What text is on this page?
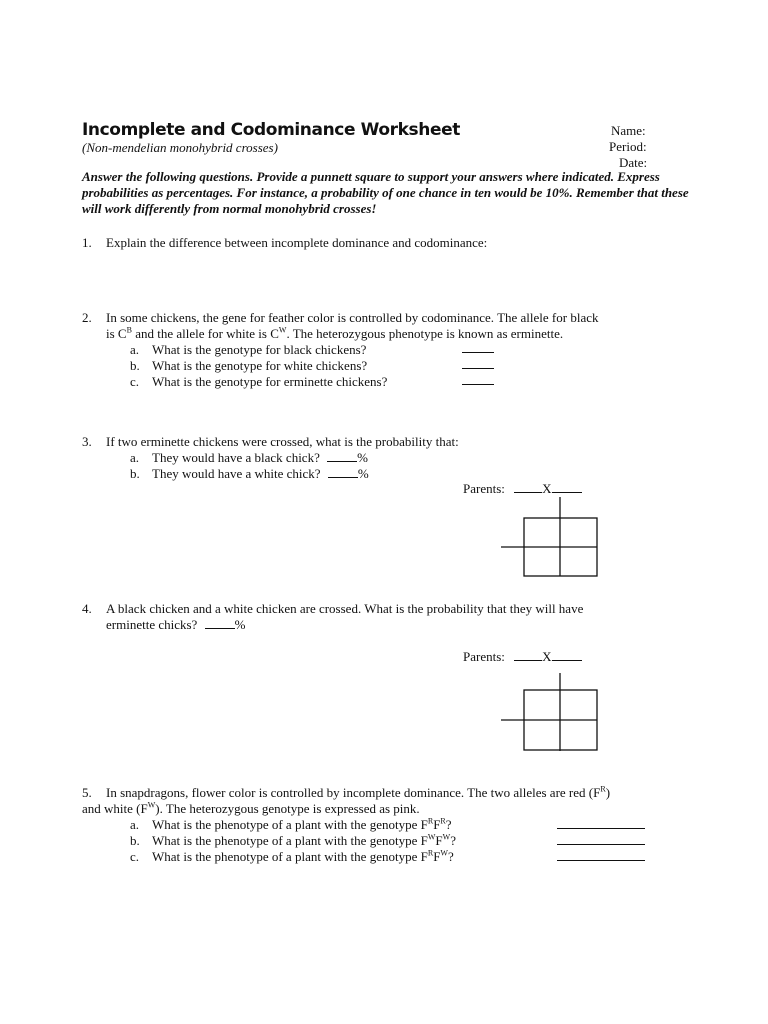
Incomplete and Codominance Worksheet
(Non-mendelian monohybrid crosses)
Name:
Period:
Date:
Answer the following questions. Provide a punnett square to support your answers where indicated. Express probabilities as percentages. For instance, a probability of one chance in ten would be 10%. Remember that these will work differently from normal monohybrid crosses!
1. Explain the difference between incomplete dominance and codominance:
2. In some chickens, the gene for feather color is controlled by codominance. The allele for black
is $C^B$ and the allele for white is $C^W$. The heterozygous phenotype is known as erminette.
a. What is the genotype for black chickens?
b. What is the genotype for white chickens?
c. What is the genotype for erminette chickens?
3. If two erminette chickens were crossed, what is the probability that:
a. They would have a black chick?	%
b. They would have a white chick?	%
Parents:	X
4. A black chicken and a white chicken are crossed. What is the probability that they will have
erminette chicks?	%
Parents:	X
5. In snapdragons, flower color is controlled by incomplete dominance. The two alleles are red $(F^R)$
and white $(F^W)$. The heterozygous genotype is expressed as pink.
a. What is the phenotype of a plant with the genotype $F^RF^R$?
b. What is the phenotype of a plant with the genotype $F^WF^W$?
c. What is the phenotype of a plant with the genotype $F^RF^W$?
